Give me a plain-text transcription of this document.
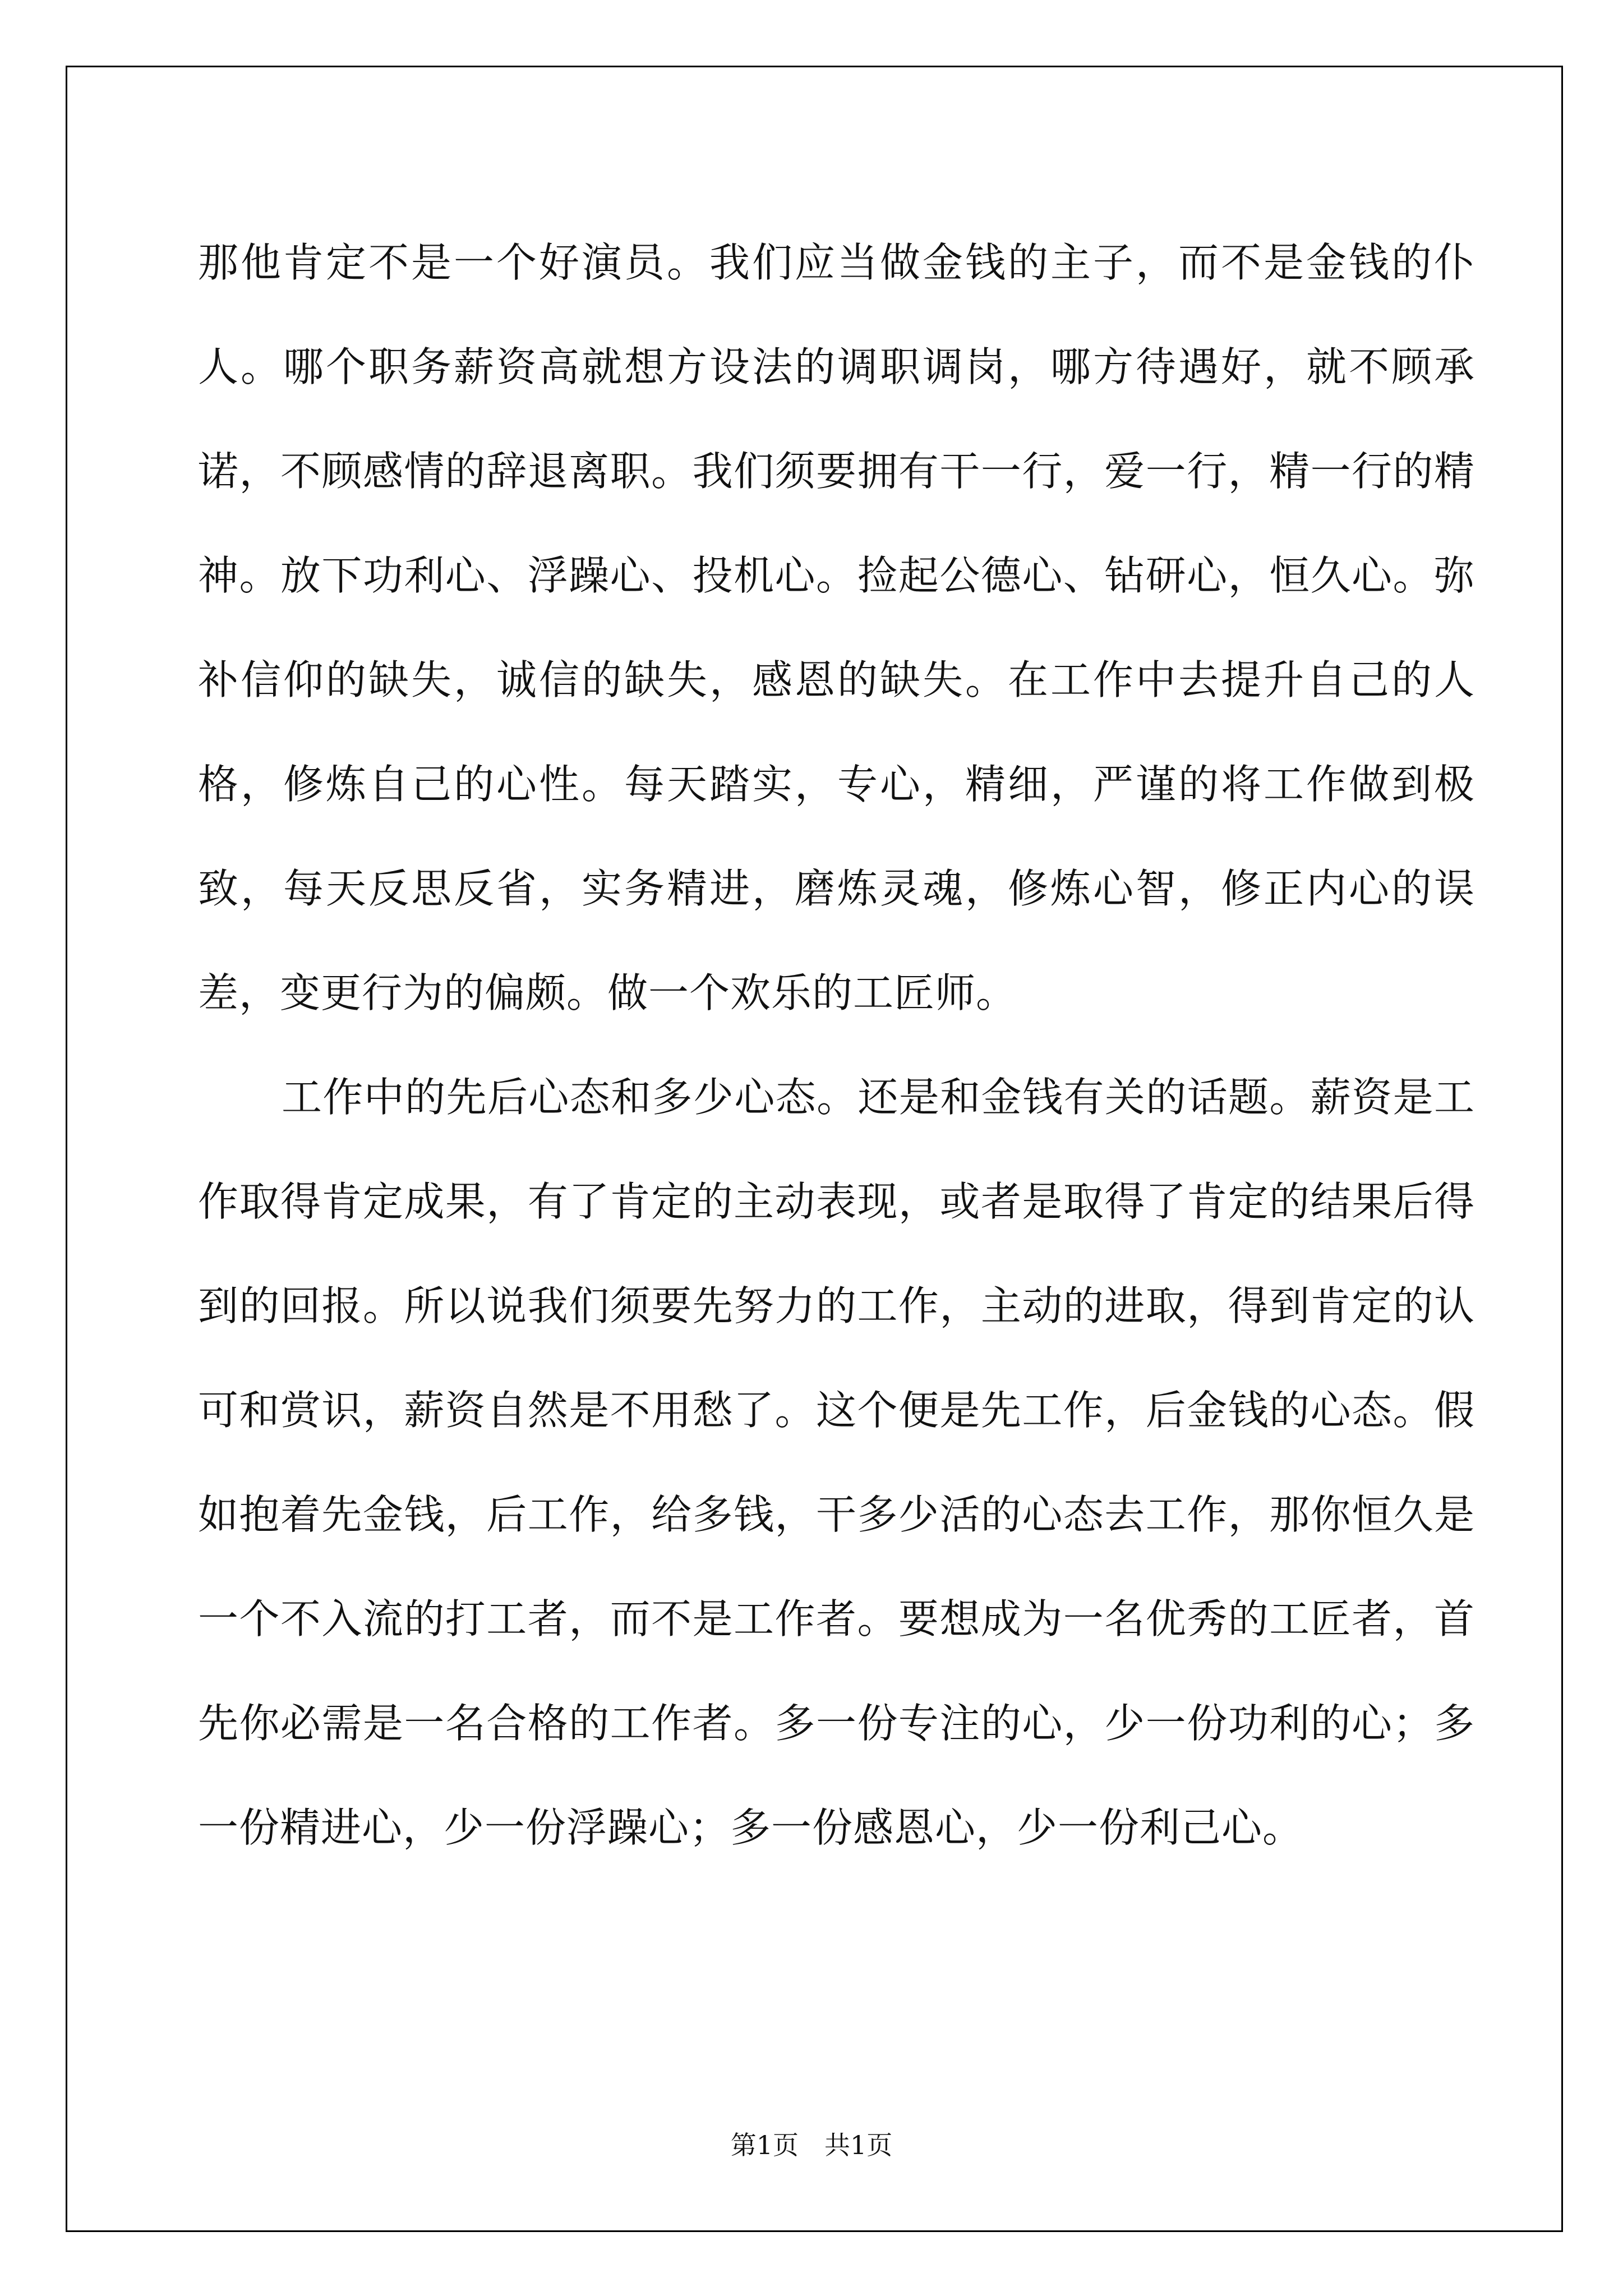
那他肯定不是一个好演员。我们应当做金钱的主子，而不是金钱的仆人。哪个职务薪资高就想方设法的调职调岗，哪方待遇好，就不顾承诺，不顾感情的辞退离职。我们须要拥有干一行，爱一行，精一行的精神。放下功利心、浮躁心、投机心。捡起公德心、钻研心，恒久心。弥补信仰的缺失，诚信的缺失，感恩的缺失。在工作中去提升自己的人格，修炼自己的心性。每天踏实，专心，精细，严谨的将工作做到极致，每天反思反省，实务精进，磨炼灵魂，修炼心智，修正内心的误差，变更行为的偏颇。做一个欢乐的工匠师。

工作中的先后心态和多少心态。还是和金钱有关的话题。薪资是工作取得肯定成果，有了肯定的主动表现，或者是取得了肯定的结果后得到的回报。所以说我们须要先努力的工作，主动的进取，得到肯定的认可和赏识，薪资自然是不用愁了。这个便是先工作，后金钱的心态。假如抱着先金钱，后工作，给多钱，干多少活的心态去工作，那你恒久是一个不入流的打工者，而不是工作者。要想成为一名优秀的工匠者，首先你必需是一名合格的工作者。多一份专注的心，少一份功利的心；多一份精进心，少一份浮躁心；多一份感恩心，少一份利己心。

第1页　共1页
